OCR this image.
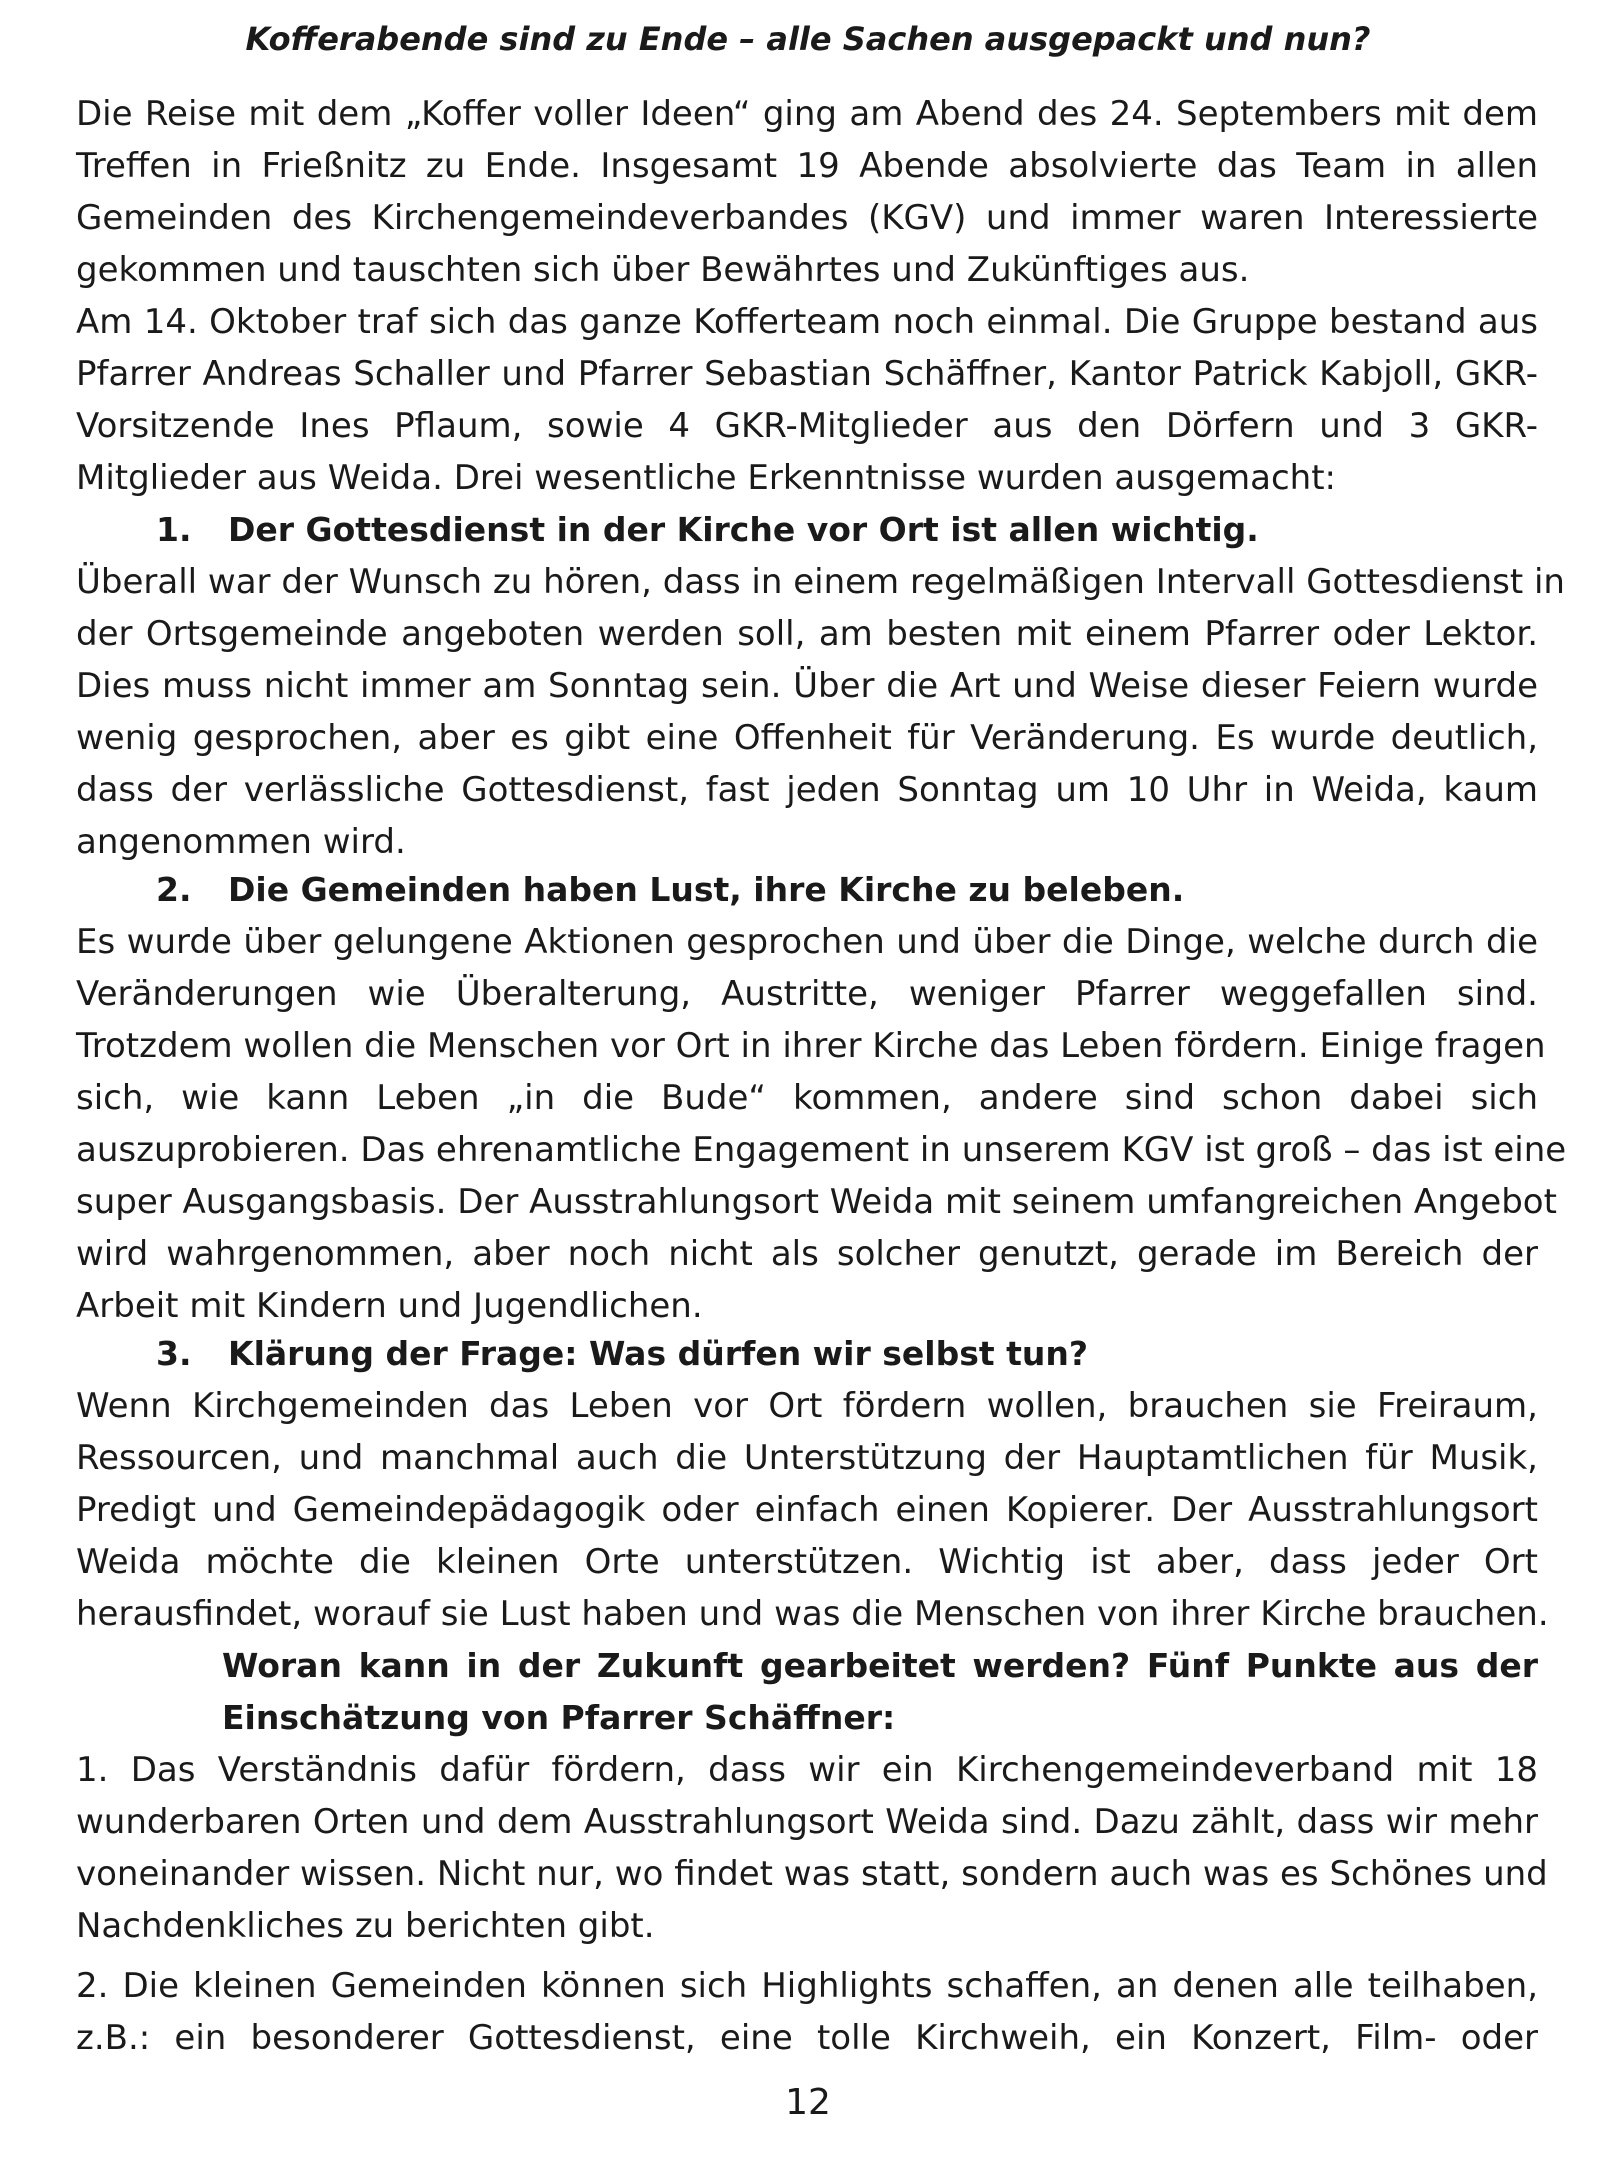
Kofferabende sind zu Ende – alle Sachen ausgepackt und nun?
Die Reise mit dem „Koffer voller Ideen“ ging am Abend des 24. Septembers mit dem
Treffen in Frießnitz zu Ende. Insgesamt 19 Abende absolvierte das Team in allen
Gemeinden des Kirchengemeindeverbandes (KGV) und immer waren Interessierte
gekommen und tauschten sich über Bewährtes und Zukünftiges aus.
Am 14. Oktober traf sich das ganze Kofferteam noch einmal. Die Gruppe bestand aus
Pfarrer Andreas Schaller und Pfarrer Sebastian Schäffner, Kantor Patrick Kabjoll, GKR-
Vorsitzende Ines Pflaum, sowie 4 GKR-Mitglieder aus den Dörfern und 3 GKR-
Mitglieder aus Weida. Drei wesentliche Erkenntnisse wurden ausgemacht:
1. Der Gottesdienst in der Kirche vor Ort ist allen wichtig.
Überall war der Wunsch zu hören, dass in einem regelmäßigen Intervall Gottesdienst in
der Ortsgemeinde angeboten werden soll, am besten mit einem Pfarrer oder Lektor.
Dies muss nicht immer am Sonntag sein. Über die Art und Weise dieser Feiern wurde
wenig gesprochen, aber es gibt eine Offenheit für Veränderung. Es wurde deutlich,
dass der verlässliche Gottesdienst, fast jeden Sonntag um 10 Uhr in Weida, kaum
angenommen wird.
2. Die Gemeinden haben Lust, ihre Kirche zu beleben.
Es wurde über gelungene Aktionen gesprochen und über die Dinge, welche durch die
Veränderungen wie Überalterung, Austritte, weniger Pfarrer weggefallen sind.
Trotzdem wollen die Menschen vor Ort in ihrer Kirche das Leben fördern. Einige fragen
sich, wie kann Leben „in die Bude“ kommen, andere sind schon dabei sich
auszuprobieren. Das ehrenamtliche Engagement in unserem KGV ist groß – das ist eine
super Ausgangsbasis. Der Ausstrahlungsort Weida mit seinem umfangreichen Angebot
wird wahrgenommen, aber noch nicht als solcher genutzt, gerade im Bereich der
Arbeit mit Kindern und Jugendlichen.
3. Klärung der Frage: Was dürfen wir selbst tun?
Wenn Kirchgemeinden das Leben vor Ort fördern wollen, brauchen sie Freiraum,
Ressourcen, und manchmal auch die Unterstützung der Hauptamtlichen für Musik,
Predigt und Gemeindepädagogik oder einfach einen Kopierer. Der Ausstrahlungsort
Weida möchte die kleinen Orte unterstützen. Wichtig ist aber, dass jeder Ort
herausfindet, worauf sie Lust haben und was die Menschen von ihrer Kirche brauchen.
Woran kann in der Zukunft gearbeitet werden? Fünf Punkte aus der
Einschätzung von Pfarrer Schäffner:
1. Das Verständnis dafür fördern, dass wir ein Kirchengemeindeverband mit 18
wunderbaren Orten und dem Ausstrahlungsort Weida sind. Dazu zählt, dass wir mehr
voneinander wissen. Nicht nur, wo findet was statt, sondern auch was es Schönes und
Nachdenkliches zu berichten gibt.
2. Die kleinen Gemeinden können sich Highlights schaffen, an denen alle teilhaben,
z.B.: ein besonderer Gottesdienst, eine tolle Kirchweih, ein Konzert, Film- oder
12
